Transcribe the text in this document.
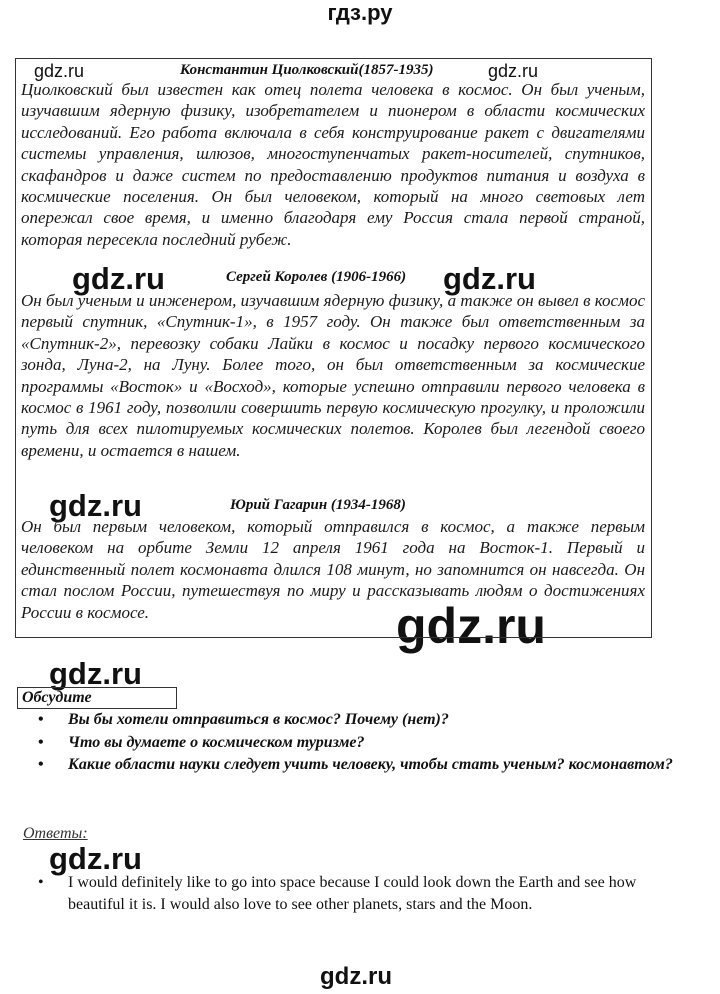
гдз.ру
gdz.ru	gdz.ru
gdz.ru	gdz.ru
gdz.ru
gdz.ru
gdz.ru
gdz.ru
gdz.ru
Константин Циолковский(1857-1935)
Циолковский был известен как отец полета человека в космос. Он был ученым, изучавшим ядерную физику, изобретателем и пионером в области космических исследований. Его работа включала в себя конструирование ракет с двигателями системы управления, шлюзов, многоступенчатых ракет-носителей, спутников, скафандров и даже систем по предоставлению продуктов питания и воздуха в космические поселения. Он был человеком, который на много световых лет опережал свое время, и именно благодаря ему Россия стала первой страной, которая пересекла последний рубеж.
Сергей Королев (1906-1966)
Он был ученым и инженером, изучавшим ядерную физику, а также он вывел в космос первый спутник, «Спутник-1», в 1957 году. Он также был ответственным за «Спутник-2», перевозку собаки Лайки в космос и посадку первого космического зонда, Луна-2, на Луну. Более того, он был ответственным за космические программы «Восток» и «Восход», которые успешно отправили первого человека в космос в 1961 году, позволили совершить первую космическую прогулку, и проложили путь для всех пилотируемых космических полетов. Королев был легендой своего времени, и остается в нашем.
Юрий Гагарин (1934-1968)
Он был первым человеком, который отправился в космос, а также первым человеком на орбите Земли 12 апреля 1961 года на Восток-1. Первый и единственный полет космонавта длился 108 минут, но запомнится он навсегда. Он стал послом России, путешествуя по миру и рассказывать людям о достижениях России в космосе.
Обсудите
• Вы бы хотели отправиться в космос? Почему (нет)?
• Что вы думаете о космическом туризме?
• Какие области науки следует учить человеку, чтобы стать ученым? космонавтом?
Ответы:
• I would definitely like to go into space because I could look down the Earth and see how beautiful it is. I would also love to see other planets, stars and the Moon.
